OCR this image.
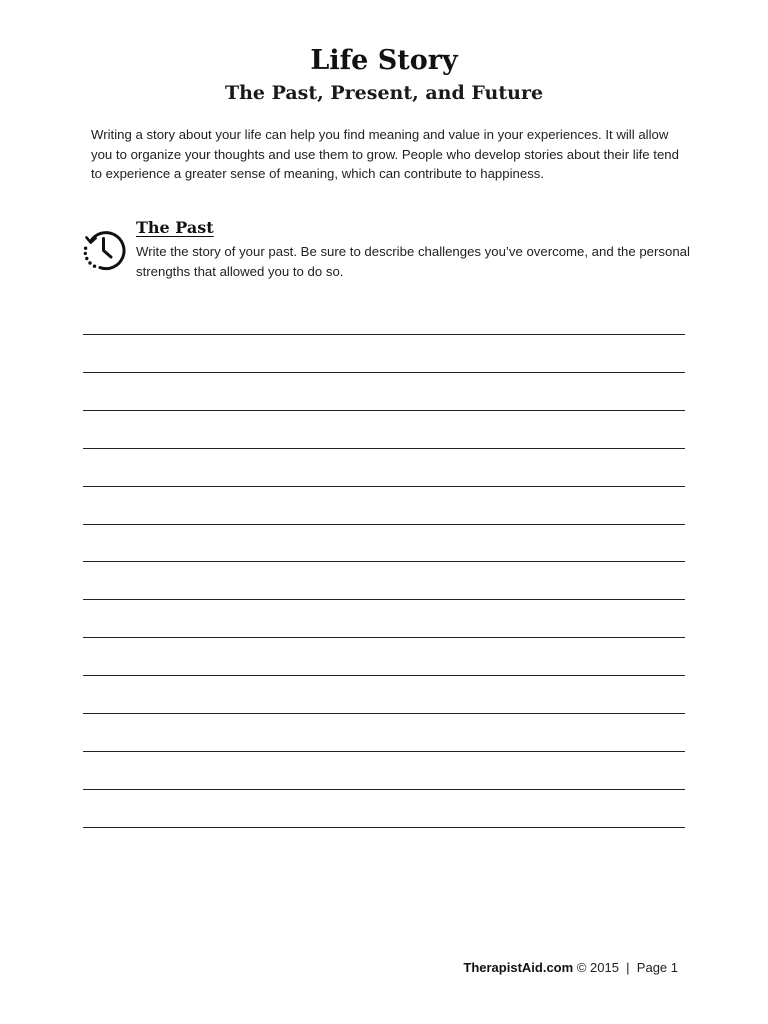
Life Story
The Past, Present, and Future

Writing a story about your life can help you find meaning and value in your experiences. It will allow you to organize your thoughts and use them to grow. People who develop stories about their life tend to experience a greater sense of meaning, which can contribute to happiness.

The Past

Write the story of your past. Be sure to describe challenges you’ve overcome, and the personal strengths that allowed you to do so.

TherapistAid.com © 2015 | Page 1
